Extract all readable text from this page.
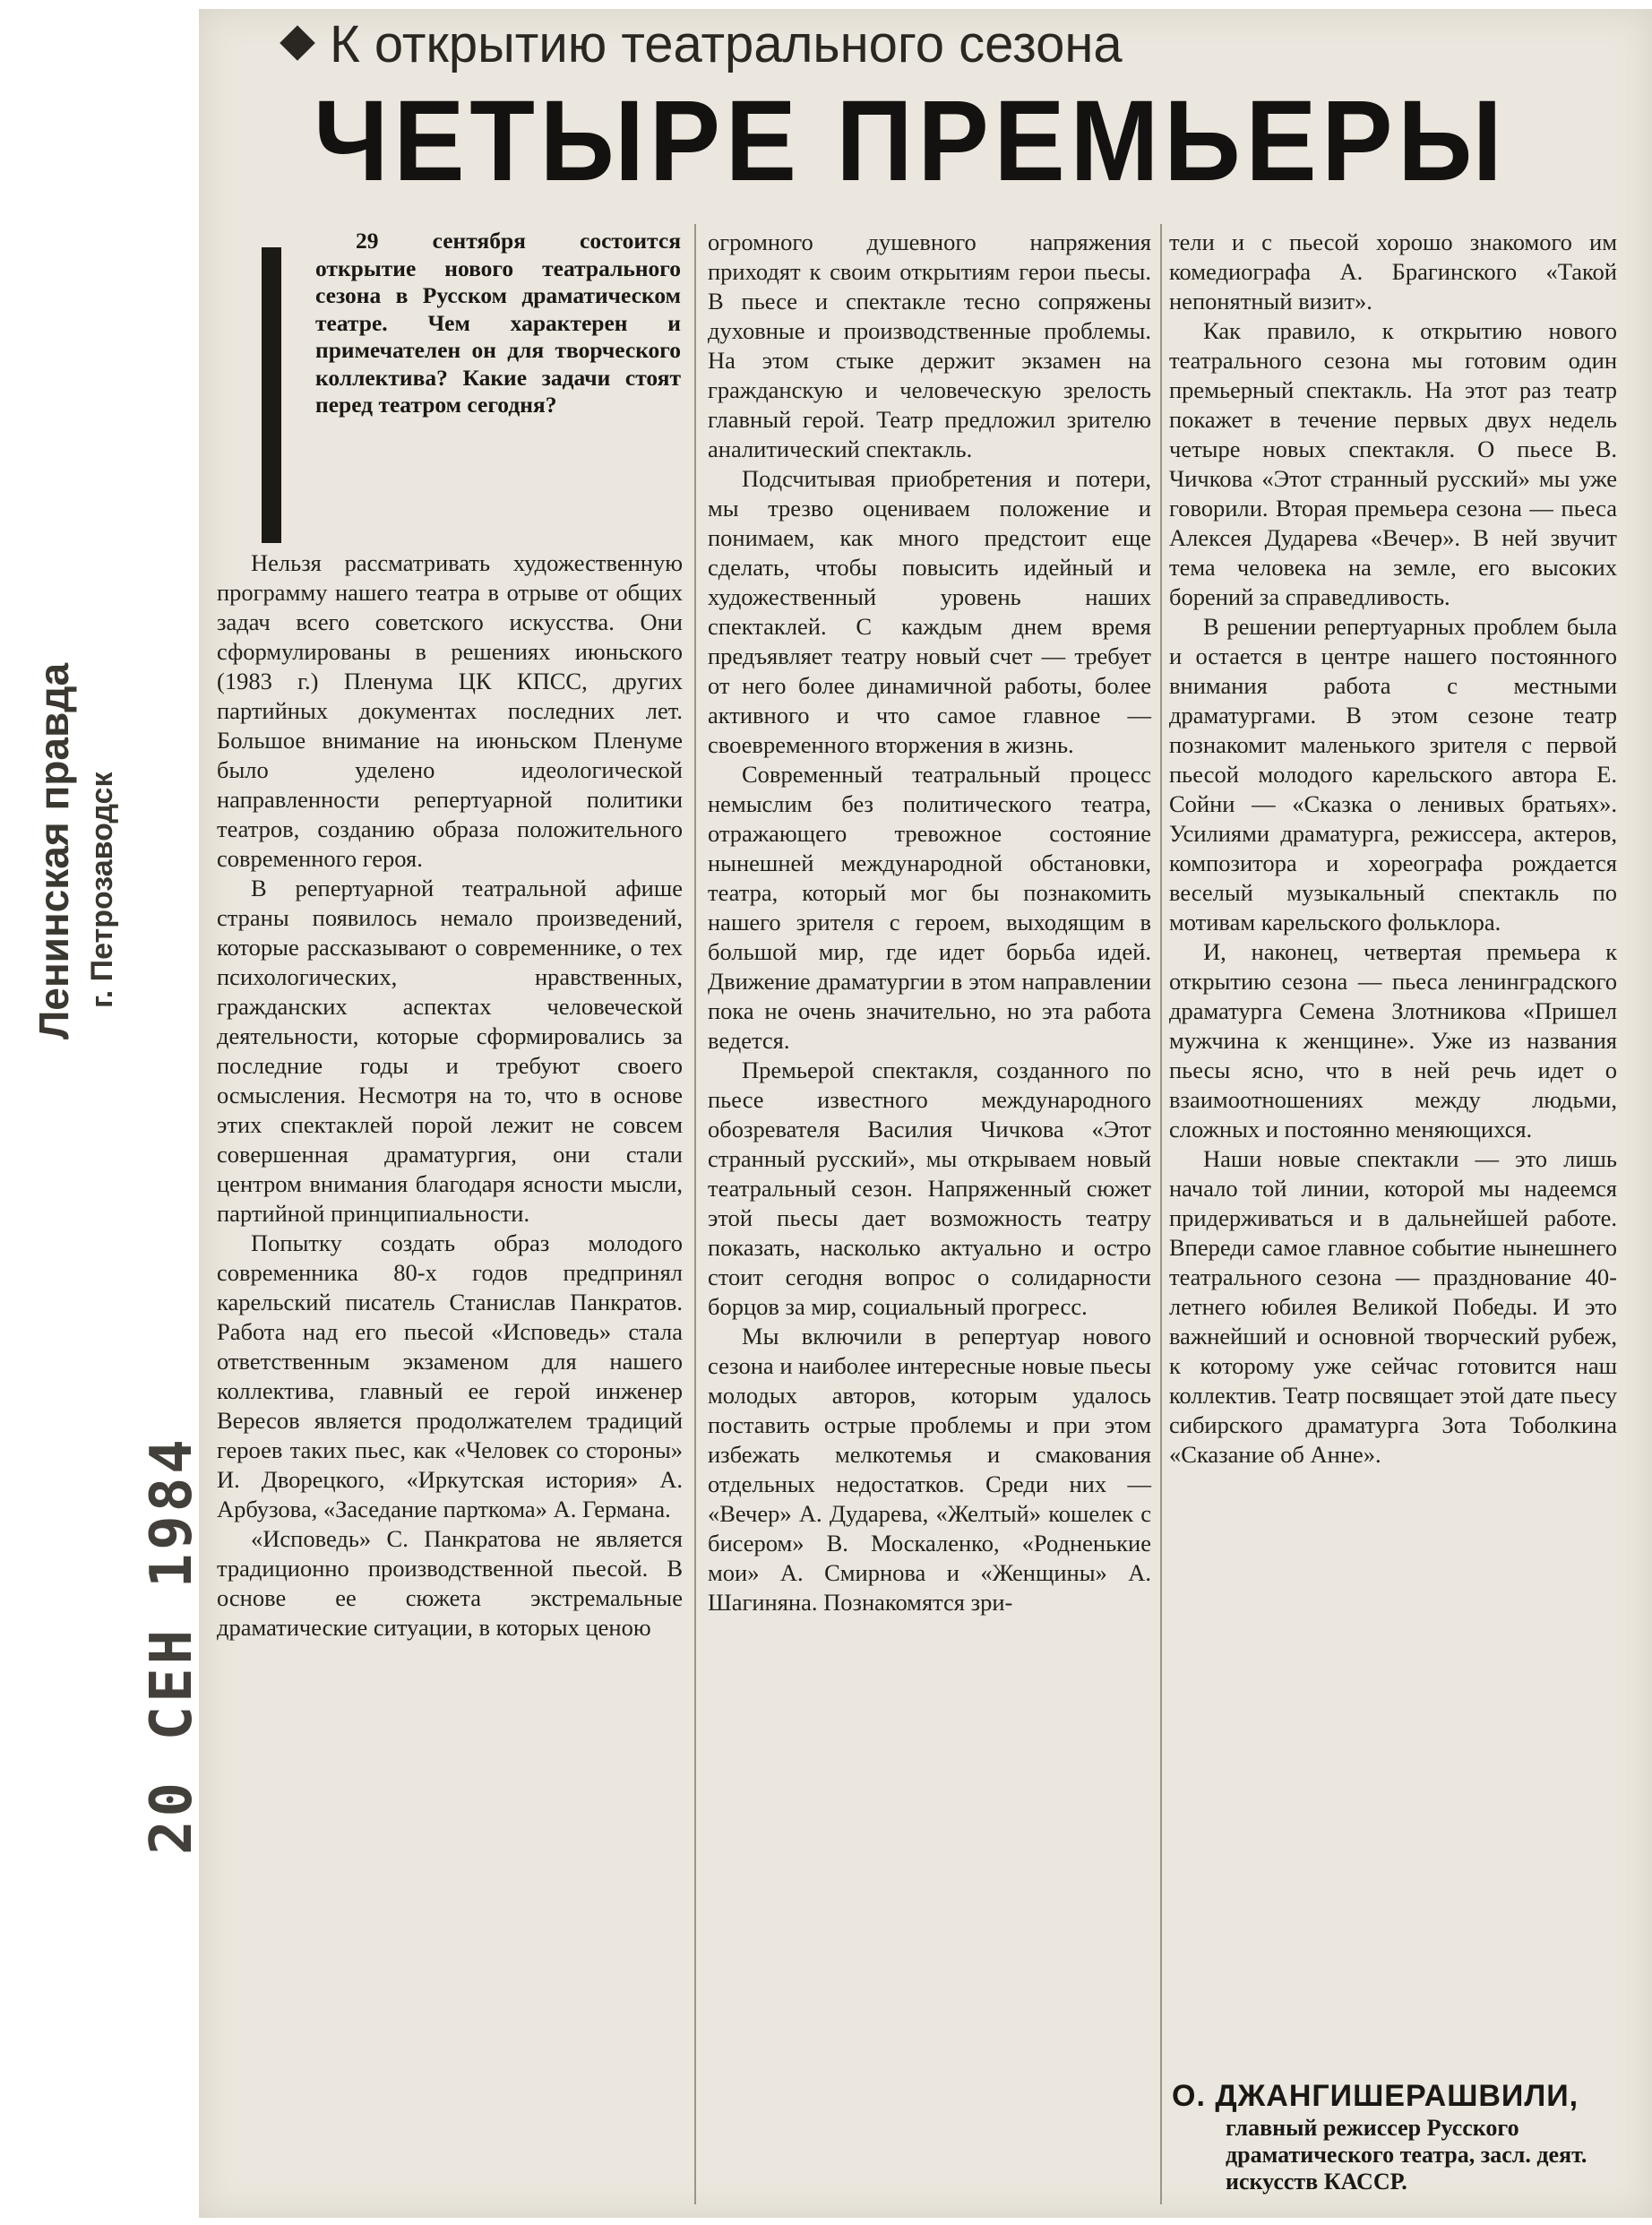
К открытию театрального сезона
ЧЕТЫРЕ ПРЕМЬЕРЫ

29 сентября состоится открытие нового театрального сезона в Русском драматическом театре. Чем характерен и примечателен он для творческого коллектива? Какие задачи стоят перед театром сегодня?

Нельзя рассматривать художественную программу нашего театра в отрыве от общих задач всего советского искусства. Они сформулированы в решениях июньского (1983 г.) Пленума ЦК КПСС, других партийных документах последних лет. Большое внимание на июньском Пленуме было уделено идеологической направленности репертуарной политики театров, созданию образа положительного современного героя.

В репертуарной театральной афише страны появилось немало произведений, которые рассказывают о современнике, о тех психологических, нравственных, гражданских аспектах человеческой деятельности, которые сформировались за последние годы и требуют своего осмысления. Несмотря на то, что в основе этих спектаклей порой лежит не совсем совершенная драматургия, они стали центром внимания благодаря ясности мысли, партийной принципиальности.

Попытку создать образ молодого современника 80-х годов предпринял карельский писатель Станислав Панкратов. Работа над его пьесой «Исповедь» стала ответственным экзаменом для нашего коллектива, главный ее герой инженер Вересов является продолжателем традиций героев таких пьес, как «Человек со стороны» И. Дворецкого, «Иркутская история» А. Арбузова, «Заседание парткома» А. Германа.

«Исповедь» С. Панкратова не является традиционно производственной пьесой. В основе ее сюжета экстремальные драматические ситуации, в которых ценою

огромного душевного напряжения приходят к своим открытиям герои пьесы. В пьесе и спектакле тесно сопряжены духовные и производственные проблемы. На этом стыке держит экзамен на гражданскую и человеческую зрелость главный герой. Театр предложил зрителю аналитический спектакль.

Подсчитывая приобретения и потери, мы трезво оцениваем положение и понимаем, как много предстоит еще сделать, чтобы повысить идейный и художественный уровень наших спектаклей. С каждым днем время предъявляет театру новый счет — требует от него более динамичной работы, более активного и что самое главное — своевременного вторжения в жизнь.

Современный театральный процесс немыслим без политического театра, отражающего тревожное состояние нынешней международной обстановки, театра, который мог бы познакомить нашего зрителя с героем, выходящим в большой мир, где идет борьба идей. Движение драматургии в этом направлении пока не очень значительно, но эта работа ведется.

Премьерой спектакля, созданного по пьесе известного международного обозревателя Василия Чичкова «Этот странный русский», мы открываем новый театральный сезон. Напряженный сюжет этой пьесы дает возможность театру показать, насколько актуально и остро стоит сегодня вопрос о солидарности борцов за мир, социальный прогресс.

Мы включили в репертуар нового сезона и наиболее интересные новые пьесы молодых авторов, которым удалось поставить острые проблемы и при этом избежать мелкотемья и смакования отдельных недостатков. Среди них — «Вечер» А. Дударева, «Желтый» кошелек с бисером» В. Москаленко, «Родненькие мои» А. Смирнова и «Женщины» А. Шагиняна. Познакомятся зри-

тели и с пьесой хорошо знакомого им комедиографа А. Брагинского «Такой непонятный визит».

Как правило, к открытию нового театрального сезона мы готовим один премьерный спектакль. На этот раз театр покажет в течение первых двух недель четыре новых спектакля. О пьесе В. Чичкова «Этот странный русский» мы уже говорили. Вторая премьера сезона — пьеса Алексея Дударева «Вечер». В ней звучит тема человека на земле, его высоких борений за справедливость.

В решении репертуарных проблем была и остается в центре нашего постоянного внимания работа с местными драматургами. В этом сезоне театр познакомит маленького зрителя с первой пьесой молодого карельского автора Е. Сойни — «Сказка о ленивых братьях». Усилиями драматурга, режиссера, актеров, композитора и хореографа рождается веселый музыкальный спектакль по мотивам карельского фольклора.

И, наконец, четвертая премьера к открытию сезона — пьеса ленинградского драматурга Семена Злотникова «Пришел мужчина к женщине». Уже из названия пьесы ясно, что в ней речь идет о взаимоотношениях между людьми, сложных и постоянно меняющихся.

Наши новые спектакли — это лишь начало той линии, которой мы надеемся придерживаться и в дальнейшей работе. Впереди самое главное событие нынешнего театрального сезона — празднование 40-летнего юбилея Великой Победы. И это важнейший и основной творческий рубеж, к которому уже сейчас готовится наш коллектив. Театр посвящает этой дате пьесу сибирского драматурга Зота Тоболкина «Сказание об Анне».

О. ДЖАНГИШЕРАШВИЛИ,
главный режиссер Русского драматического театра, засл. деят. искусств КАССР.
Ленинская правда г. Петрозаводск
20 СЕН 1984
